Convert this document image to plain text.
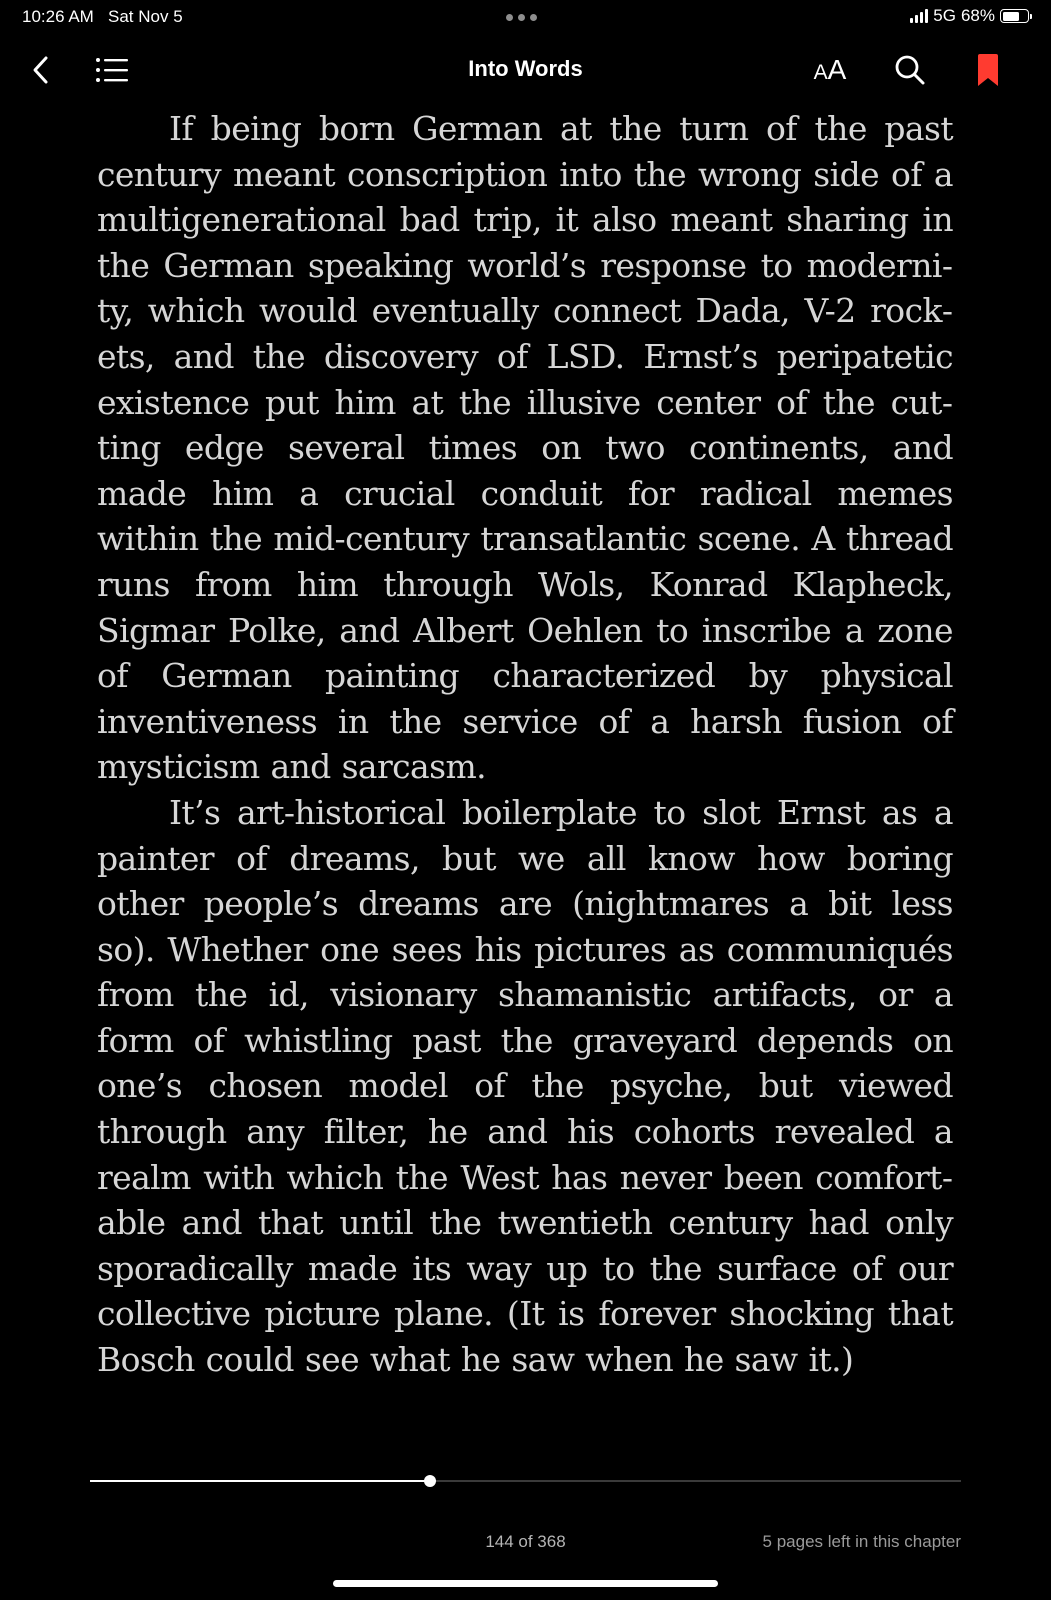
10:26 AM Sat Nov 5	5G 68%
Into Words	A A

If being born German at the turn of the past century meant conscription into the wrong side of a multigenerational bad trip, it also meant sharing in the German speaking world’s response to modernity, which would eventually connect Dada, V-2 rockets, and the discovery of LSD. Ernst’s peripatetic existence put him at the illusive center of the cutting edge several times on two continents, and made him a crucial conduit for radical memes within the mid-century transatlantic scene. A thread runs from him through Wols, Konrad Klapheck, Sigmar Polke, and Albert Oehlen to inscribe a zone of German painting characterized by physical inventiveness in the service of a harsh fusion of mysticism and sarcasm.

It’s art-historical boilerplate to slot Ernst as a painter of dreams, but we all know how boring other people’s dreams are (nightmares a bit less so). Whether one sees his pictures as communiqués from the id, visionary shamanistic artifacts, or a form of whistling past the graveyard depends on one’s chosen model of the psyche, but viewed through any filter, he and his cohorts revealed a realm with which the West has never been comfortable and that until the twentieth century had only sporadically made its way up to the surface of our collective picture plane. (It is forever shocking that Bosch could see what he saw when he saw it.)

144 of 368	5 pages left in this chapter
